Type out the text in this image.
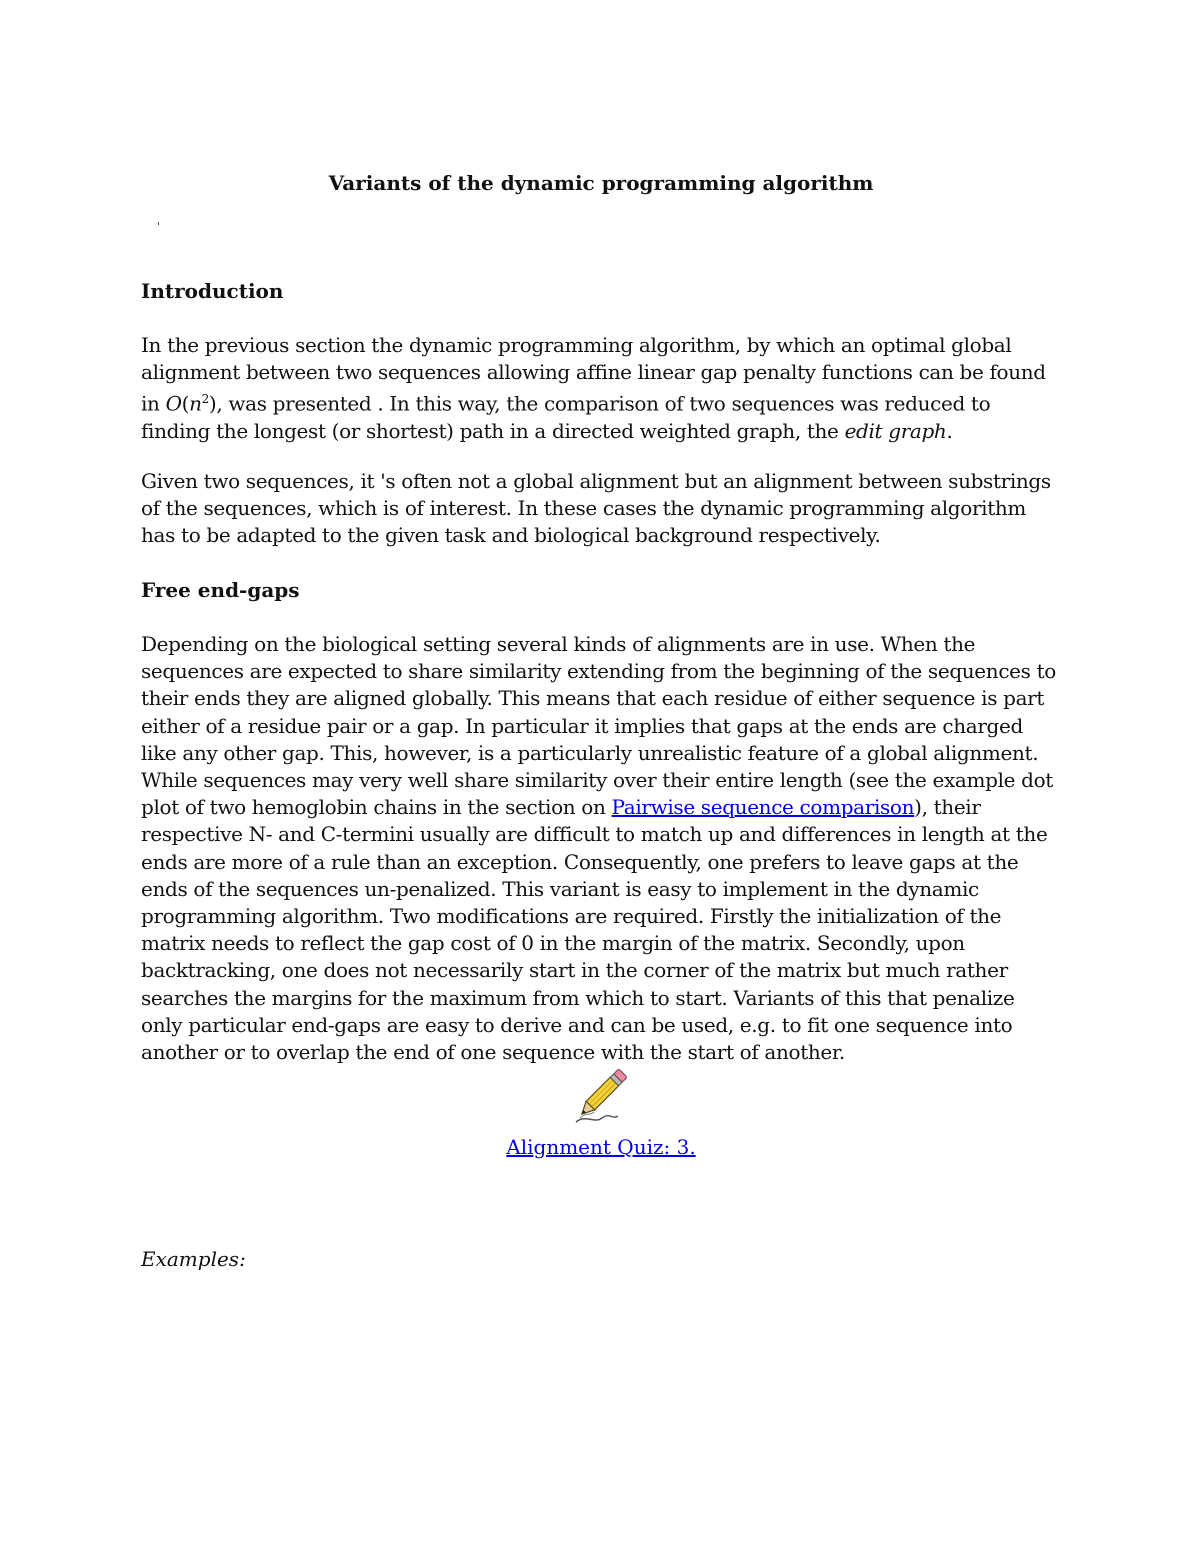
Variants of the dynamic programming algorithm
'
Introduction

In the previous section the dynamic programming algorithm, by which an optimal global alignment between two sequences allowing affine linear gap penalty functions can be found in $O(n^2)$, was presented . In this way, the comparison of two sequences was reduced to finding the longest (or shortest) path in a directed weighted graph, the edit graph.

Given two sequences, it 's often not a global alignment but an alignment between substrings of the sequences, which is of interest. In these cases the dynamic programming algorithm has to be adapted to the given task and biological background respectively.

Free end-gaps

Depending on the biological setting several kinds of alignments are in use. When the sequences are expected to share similarity extending from the beginning of the sequences to their ends they are aligned globally. This means that each residue of either sequence is part either of a residue pair or a gap. In particular it implies that gaps at the ends are charged like any other gap. This, however, is a particularly unrealistic feature of a global alignment. While sequences may very well share similarity over their entire length (see the example dot plot of two hemoglobin chains in the section on Pairwise sequence comparison), their respective N- and C-termini usually are difficult to match up and differences in length at the ends are more of a rule than an exception. Consequently, one prefers to leave gaps at the ends of the sequences un-penalized. This variant is easy to implement in the dynamic programming algorithm. Two modifications are required. Firstly the initialization of the matrix needs to reflect the gap cost of 0 in the margin of the matrix. Secondly, upon backtracking, one does not necessarily start in the corner of the matrix but much rather searches the margins for the maximum from which to start. Variants of this that penalize only particular end-gaps are easy to derive and can be used, e.g. to fit one sequence into another or to overlap the end of one sequence with the start of another.

Alignment Quiz: 3.

Examples:
